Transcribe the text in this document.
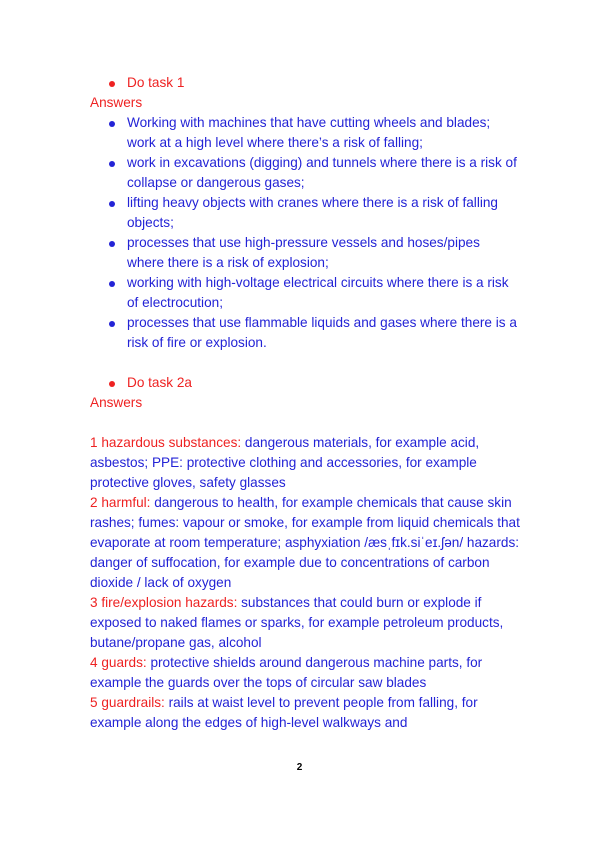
Do task 1
Answers
Working with machines that have cutting wheels and blades; work at a high level where there’s a risk of falling;
work in excavations (digging) and tunnels where there is a risk of collapse or dangerous gases;
lifting heavy objects with cranes where there is a risk of falling objects;
processes that use high-pressure vessels and hoses/pipes where there is a risk of explosion;
working with high-voltage electrical circuits where there is a risk of electrocution;
processes that use flammable liquids and gases where there is a risk of fire or explosion.
Do task 2a
Answers
1 hazardous substances: dangerous materials, for example acid, asbestos; PPE: protective clothing and accessories, for example protective gloves, safety glasses
2 harmful: dangerous to health, for example chemicals that cause skin rashes; fumes: vapour or smoke, for example from liquid chemicals that evaporate at room temperature; asphyxiation /æsˌfɪk.siˈeɪ.ʃən/ hazards: danger of suffocation, for example due to concentrations of carbon dioxide / lack of oxygen
3 fire/explosion hazards: substances that could burn or explode if exposed to naked flames or sparks, for example petroleum products, butane/propane gas, alcohol
4 guards: protective shields around dangerous machine parts, for example the guards over the tops of circular saw blades
5 guardrails: rails at waist level to prevent people from falling, for example along the edges of high-level walkways and
2
